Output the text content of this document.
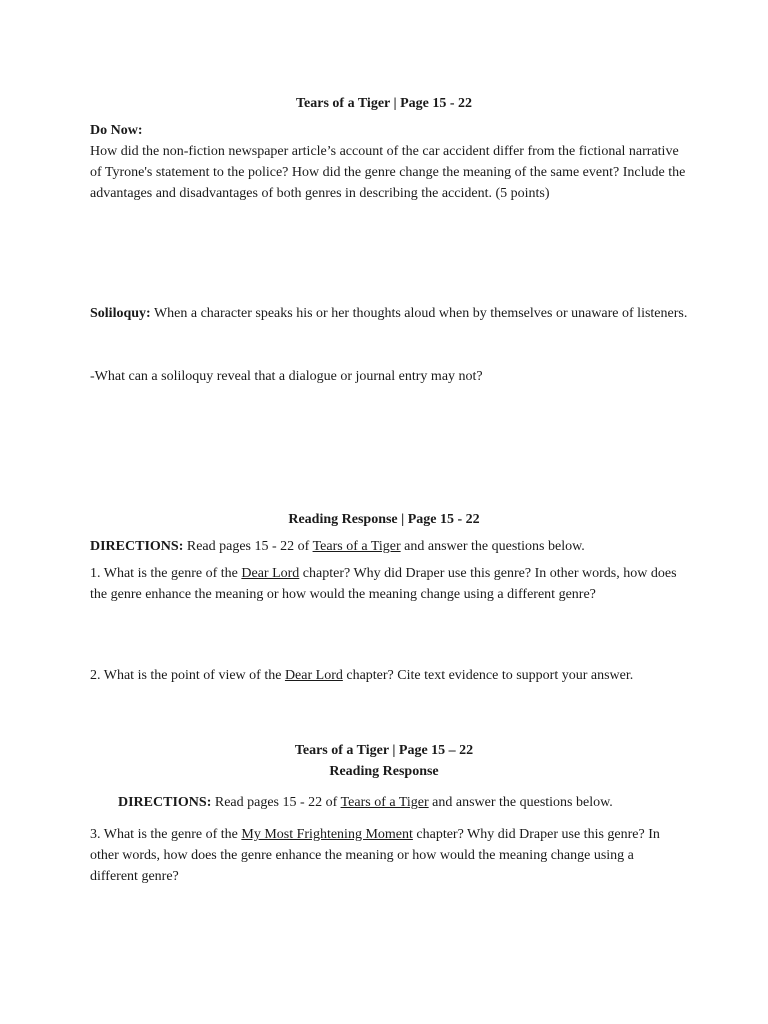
Tears of a Tiger | Page 15 - 22

Do Now:

How did the non-fiction newspaper article’s account of the car accident differ from the fictional narrative of Tyrone's statement to the police? How did the genre change the meaning of the same event? Include the advantages and disadvantages of both genres in describing the accident. (5 points)

Soliloquy: When a character speaks his or her thoughts aloud when by themselves or unaware of listeners.

-What can a soliloquy reveal that a dialogue or journal entry may not?
Reading Response | Page 15 - 22
DIRECTIONS: Read pages 15 - 22 of Tears of a Tiger and answer the questions below.
1. What is the genre of the Dear Lord chapter? Why did Draper use this genre? In other words, how does the genre enhance the meaning or how would the meaning change using a different genre?
2. What is the point of view of the Dear Lord chapter? Cite text evidence to support your answer.
Tears of a Tiger | Page 15 – 22
Reading Response
DIRECTIONS: Read pages 15 - 22 of Tears of a Tiger and answer the questions below.
3. What is the genre of the My Most Frightening Moment chapter? Why did Draper use this genre? In other words, how does the genre enhance the meaning or how would the meaning change using a different genre?
